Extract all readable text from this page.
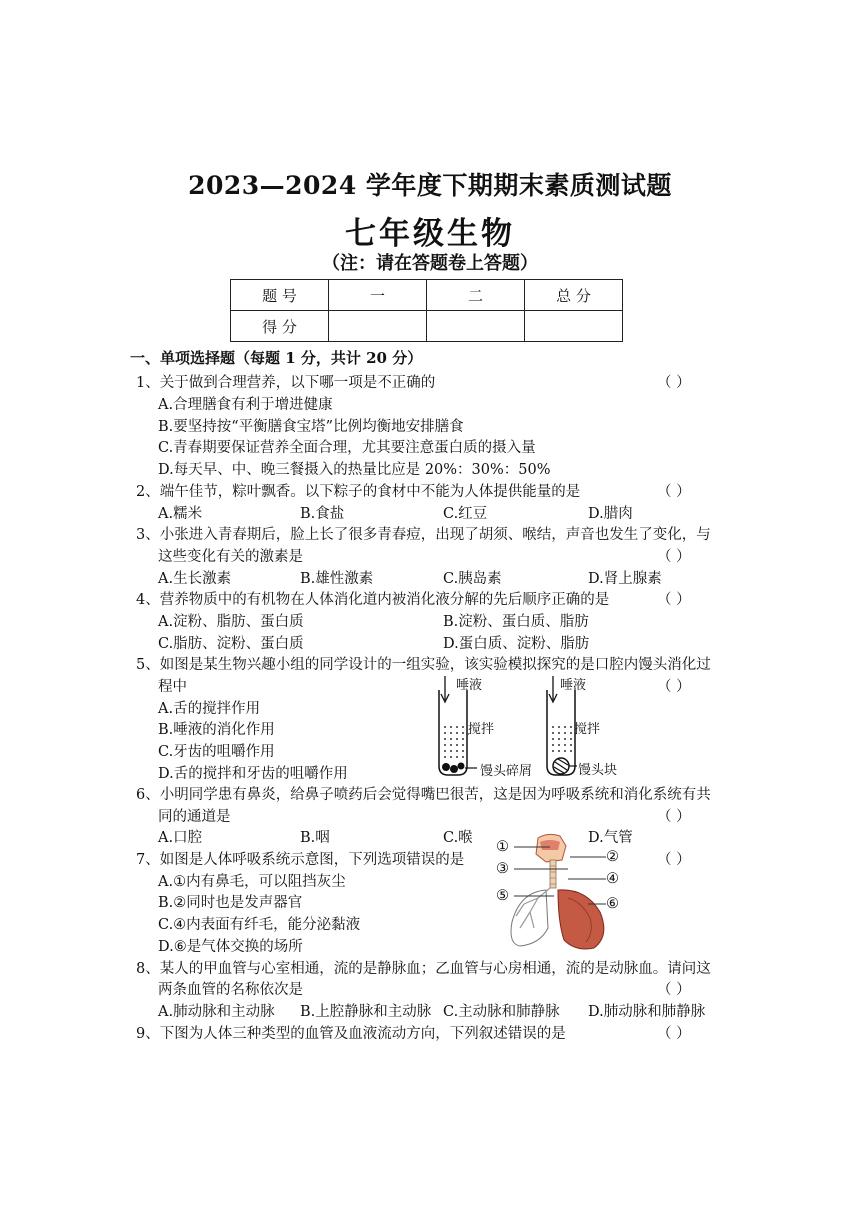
2023—2024 学年度下期期末素质测试题
七年级生物
（注：请在答题卷上答题）
题 号	一	二	总 分
得 分			
一、单项选择题（每题 1 分，共计 20 分）
1、关于做到合理营养，以下哪一项是不正确的	（ ）
A.合理膳食有利于增进健康
B.要坚持按“平衡膳食宝塔”比例均衡地安排膳食
C.青春期要保证营养全面合理，尤其要注意蛋白质的摄入量
D.每天早、中、晚三餐摄入的热量比应是 20%：30%：50%
2、端午佳节，粽叶飘香。以下粽子的食材中不能为人体提供能量的是	（ ）
A.糯米	B.食盐	C.红豆	D.腊肉
3、小张进入青春期后，脸上长了很多青春痘，出现了胡须、喉结，声音也发生了变化，与
这些变化有关的激素是	（ ）
A.生长激素	B.雄性激素	C.胰岛素	D.肾上腺素
4、营养物质中的有机物在人体消化道内被消化液分解的先后顺序正确的是	（ ）
A.淀粉、脂肪、蛋白质	B.淀粉、蛋白质、脂肪
C.脂肪、淀粉、蛋白质	D.蛋白质、淀粉、脂肪
5、如图是某生物兴趣小组的同学设计的一组实验，该实验模拟探究的是口腔内馒头消化过
程中	（ ）
A.舌的搅拌作用
B.唾液的消化作用
C.牙齿的咀嚼作用
D.舌的搅拌和牙齿的咀嚼作用
唾液
搅拌
馒头碎屑
唾液
搅拌
馒头块
6、小明同学患有鼻炎，给鼻子喷药后会觉得嘴巴很苦，这是因为呼吸系统和消化系统有共
同的通道是	（ ）
A.口腔	B.咽	C.喉	D.气管
7、如图是人体呼吸系统示意图，下列选项错误的是	（ ）
A.①内有鼻毛，可以阻挡灰尘
B.②同时也是发声器官
C.④内表面有纤毛，能分泌黏液
D.⑥是气体交换的场所
①
③
⑤
②
④
⑥
8、某人的甲血管与心室相通，流的是静脉血；乙血管与心房相通，流的是动脉血。请问这
两条血管的名称依次是	（ ）
A.肺动脉和主动脉 B.上腔静脉和主动脉 C.主动脉和肺静脉 D.肺动脉和肺静脉
9、下图为人体三种类型的血管及血液流动方向，下列叙述错误的是	（ ）
